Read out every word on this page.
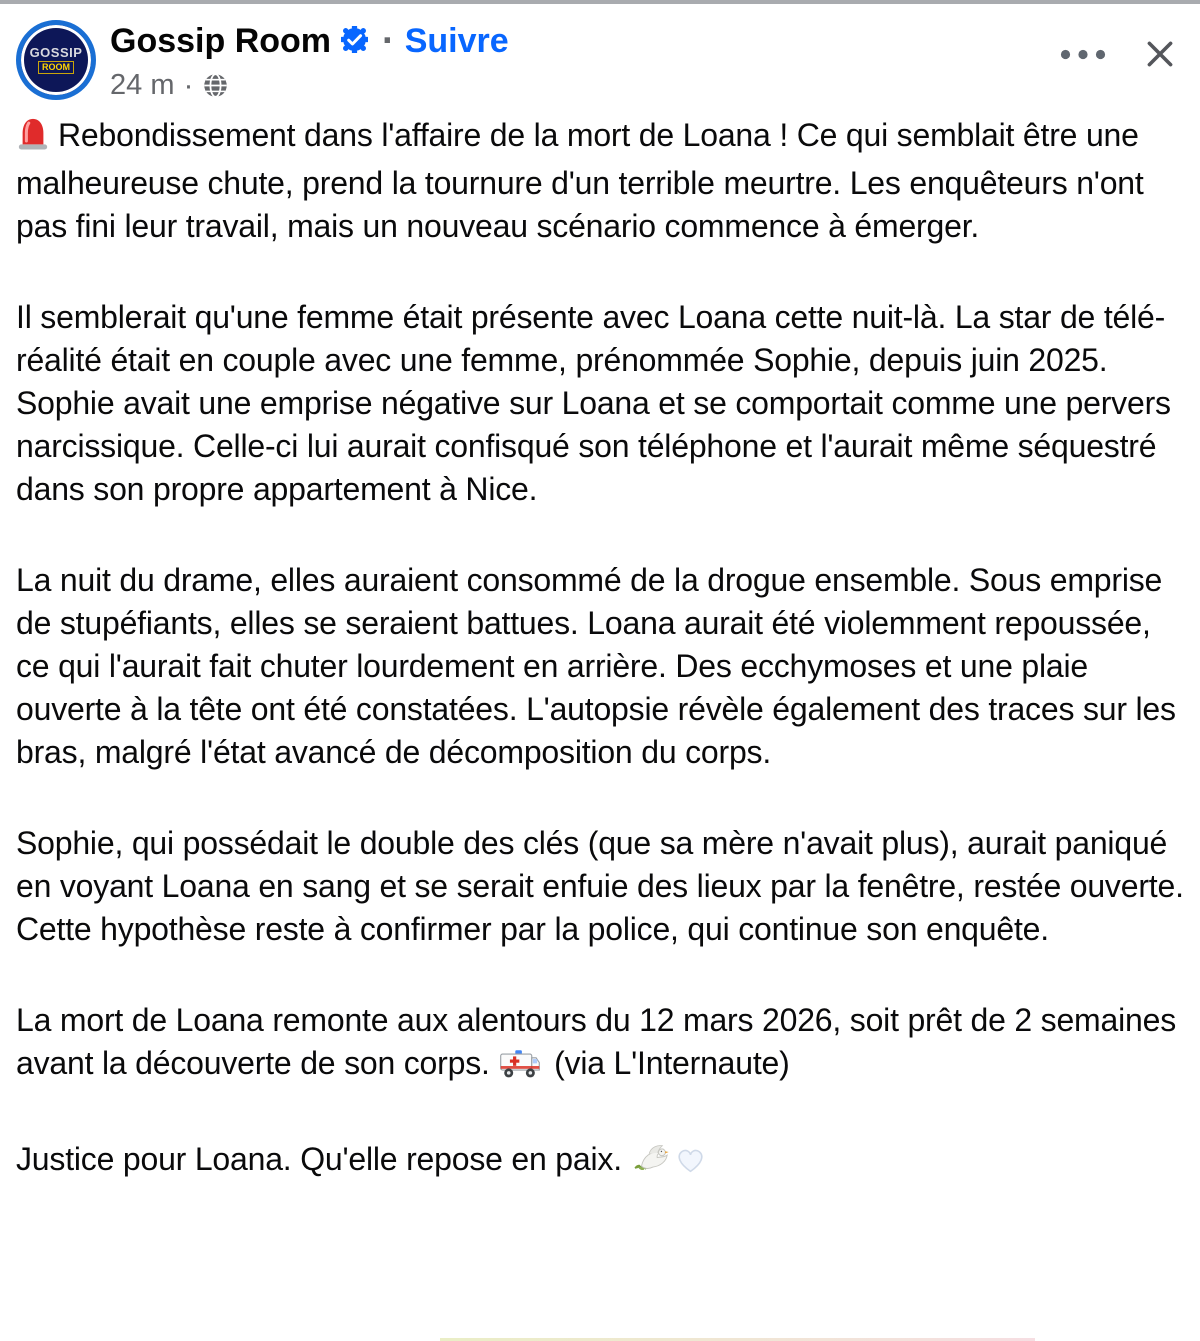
GOSSIP
ROOM
Gossip Room · Suivre
24 m ·

Rebondissement dans l'affaire de la mort de Loana ! Ce qui semblait être une malheureuse chute, prend la tournure d'un terrible meurtre. Les enquêteurs n'ont pas fini leur travail, mais un nouveau scénario commence à émerger.

Il semblerait qu'une femme était présente avec Loana cette nuit-là. La star de télé-réalité était en couple avec une femme, prénommée Sophie, depuis juin 2025. Sophie avait une emprise négative sur Loana et se comportait comme une pervers narcissique. Celle-ci lui aurait confisqué son téléphone et l'aurait même séquestré dans son propre appartement à Nice.

La nuit du drame, elles auraient consommé de la drogue ensemble. Sous emprise de stupéfiants, elles se seraient battues. Loana aurait été violemment repoussée, ce qui l'aurait fait chuter lourdement en arrière. Des ecchymoses et une plaie ouverte à la tête ont été constatées. L'autopsie révèle également des traces sur les bras, malgré l'état avancé de décomposition du corps.

Sophie, qui possédait le double des clés (que sa mère n'avait plus), aurait paniqué en voyant Loana en sang et se serait enfuie des lieux par la fenêtre, restée ouverte. Cette hypothèse reste à confirmer par la police, qui continue son enquête.

La mort de Loana remonte aux alentours du 12 mars 2026, soit prêt de 2 semaines avant la découverte de son corps.  (via L'Internaute)

Justice pour Loana. Qu'elle repose en paix.
